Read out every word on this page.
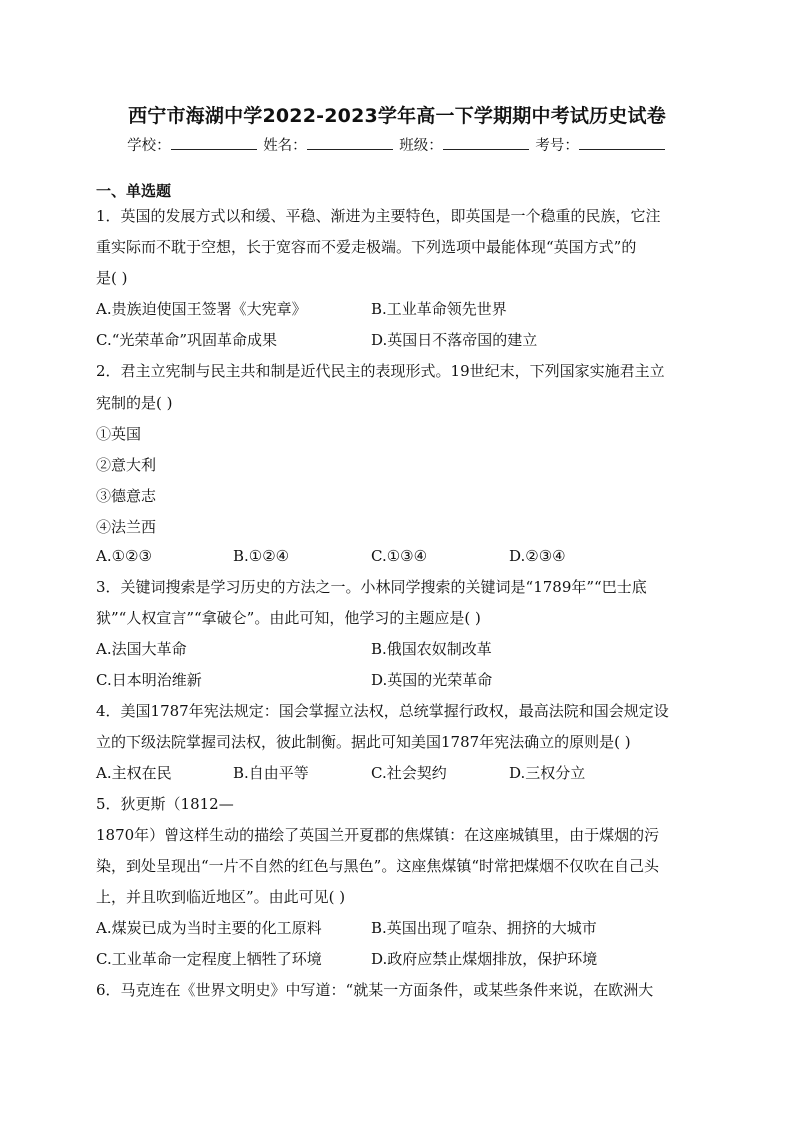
西宁市海湖中学2022-2023学年高一下学期期中考试历史试卷
学校：	姓名：	班级：	考号：
一、单选题
1．英国的发展方式以和缓、平稳、渐进为主要特色，即英国是一个稳重的民族，它注
重实际而不耽于空想，长于宽容而不爱走极端。下列选项中最能体现“英国方式”的
是( )
A.贵族迫使国王签署《大宪章》	B.工业革命领先世界
C.“光荣革命”巩固革命成果	D.英国日不落帝国的建立
2．君主立宪制与民主共和制是近代民主的表现形式。19世纪末，下列国家实施君主立
宪制的是( )
①英国
②意大利
③德意志
④法兰西
A.①②③	B.①②④	C.①③④	D.②③④
3．关键词搜索是学习历史的方法之一。小林同学搜索的关键词是“1789年”“巴士底
狱”“人权宣言”“拿破仑”。由此可知，他学习的主题应是( )
A.法国大革命	B.俄国农奴制改革
C.日本明治维新	D.英国的光荣革命
4．美国1787年宪法规定：国会掌握立法权，总统掌握行政权，最高法院和国会规定设
立的下级法院掌握司法权，彼此制衡。据此可知美国1787年宪法确立的原则是( )
A.主权在民	B.自由平等	C.社会契约	D.三权分立
5．狄更斯（1812—
1870年）曾这样生动的描绘了英国兰开夏郡的焦煤镇：在这座城镇里，由于煤烟的污
染，到处呈现出“一片不自然的红色与黑色”。这座焦煤镇“时常把煤烟不仅吹在自己头
上，并且吹到临近地区”。由此可见( )
A.煤炭已成为当时主要的化工原料	B.英国出现了喧杂、拥挤的大城市
C.工业革命一定程度上牺牲了环境	D.政府应禁止煤烟排放，保护环境
6．马克连在《世界文明史》中写道：“就某一方面条件，或某些条件来说，在欧洲大
